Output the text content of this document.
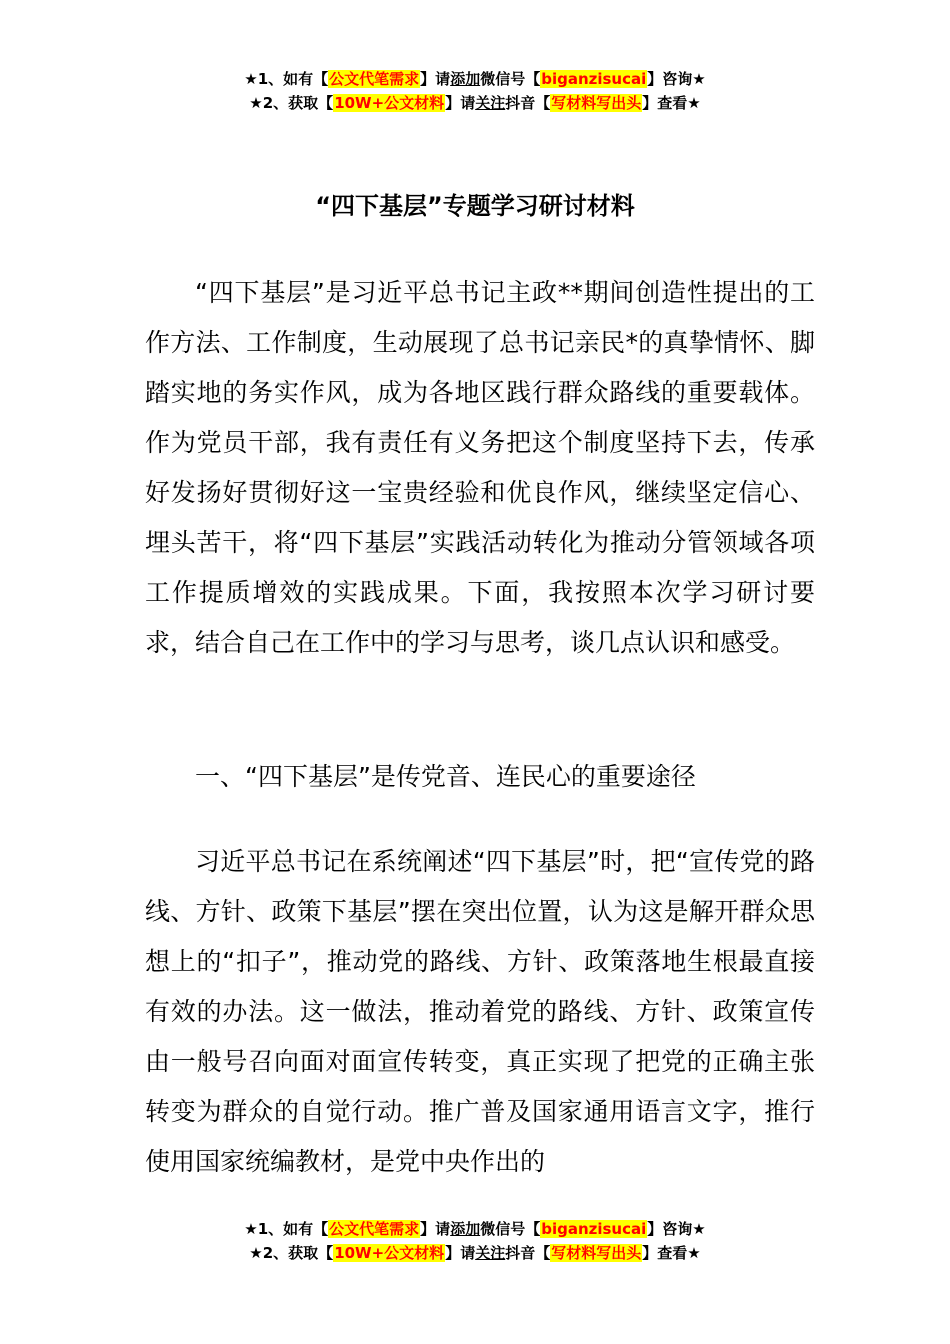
★1、如有【公文代笔需求】请添加微信号【biganzisucai】咨询★
★2、获取【10W+公文材料】请关注抖音【写材料写出头】查看★
“四下基层”专题学习研讨材料

“四下基层”是习近平总书记主政**期间创造性提出的工作方法、工作制度，生动展现了总书记亲民*的真挚情怀、脚踏实地的务实作风，成为各地区践行群众路线的重要载体。作为党员干部，我有责任有义务把这个制度坚持下去，传承好发扬好贯彻好这一宝贵经验和优良作风，继续坚定信心、埋头苦干，将“四下基层”实践活动转化为推动分管领域各项工作提质增效的实践成果。下面，我按照本次学习研讨要求，结合自己在工作中的学习与思考，谈几点认识和感受。

一、“四下基层”是传党音、连民心的重要途径

习近平总书记在系统阐述“四下基层”时，把“宣传党的路线、方针、政策下基层”摆在突出位置，认为这是解开群众思想上的“扣子”，推动党的路线、方针、政策落地生根最直接有效的办法。这一做法，推动着党的路线、方针、政策宣传由一般号召向面对面宣传转变，真正实现了把党的正确主张转变为群众的自觉行动。推广普及国家通用语言文字，推行使用国家统编教材，是党中央作出的

★1、如有【公文代笔需求】请添加微信号【biganzisucai】咨询★
★2、获取【10W+公文材料】请关注抖音【写材料写出头】查看★
